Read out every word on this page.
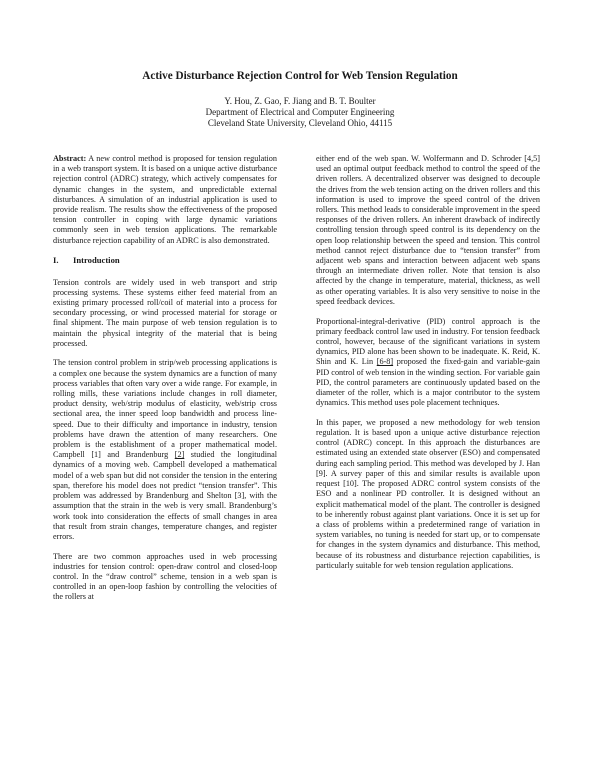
Active Disturbance Rejection Control for Web Tension Regulation
Y. Hou, Z. Gao, F. Jiang and B. T. Boulter
Department of Electrical and Computer Engineering
Cleveland State University, Cleveland Ohio, 44115

Abstract: A new control method is proposed for tension regulation in a web transport system. It is based on a unique active disturbance rejection control (ADRC) strategy, which actively compensates for dynamic changes in the system, and unpredictable external disturbances. A simulation of an industrial application is used to provide realism. The results show the effectiveness of the proposed tension controller in coping with large dynamic variations commonly seen in web tension applications. The remarkable disturbance rejection capability of an ADRC is also demonstrated.

I. Introduction

Tension controls are widely used in web transport and strip processing systems. These systems either feed material from an existing primary processed roll/coil of material into a process for secondary processing, or wind processed material for storage or final shipment. The main purpose of web tension regulation is to maintain the physical integrity of the material that is being processed.

The tension control problem in strip/web processing applications is a complex one because the system dynamics are a function of many process variables that often vary over a wide range. For example, in rolling mills, these variations include changes in roll diameter, product density, web/strip modulus of elasticity, web/strip cross sectional area, the inner speed loop bandwidth and process line-speed. Due to their difficulty and importance in industry, tension problems have drawn the attention of many researchers. One problem is the establishment of a proper mathematical model. Campbell [1] and Brandenburg [2] studied the longitudinal dynamics of a moving web. Campbell developed a mathematical model of a web span but did not consider the tension in the entering span, therefore his model does not predict “tension transfer”. This problem was addressed by Brandenburg and Shelton [3], with the assumption that the strain in the web is very small. Brandenburg’s work took into consideration the effects of small changes in area that result from strain changes, temperature changes, and register errors.

There are two common approaches used in web processing industries for tension control: open-draw control and closed-loop control. In the “draw control” scheme, tension in a web span is controlled in an open-loop fashion by controlling the velocities of the rollers at

either end of the web span. W. Wolfermann and D. Schroder [4,5] used an optimal output feedback method to control the speed of the driven rollers. A decentralized observer was designed to decouple the drives from the web tension acting on the driven rollers and this information is used to improve the speed control of the driven rollers. This method leads to considerable improvement in the speed responses of the driven rollers. An inherent drawback of indirectly controlling tension through speed control is its dependency on the open loop relationship between the speed and tension. This control method cannot reject disturbance due to “tension transfer” from adjacent web spans and interaction between adjacent web spans through an intermediate driven roller. Note that tension is also affected by the change in temperature, material, thickness, as well as other operating variables. It is also very sensitive to noise in the speed feedback devices.

Proportional-integral-derivative (PID) control approach is the primary feedback control law used in industry. For tension feedback control, however, because of the significant variations in system dynamics, PID alone has been shown to be inadequate. K. Reid, K. Shin and K. Lin [6-8] proposed the fixed-gain and variable-gain PID control of web tension in the winding section. For variable gain PID, the control parameters are continuously updated based on the diameter of the roller, which is a major contributor to the system dynamics. This method uses pole placement techniques.

In this paper, we proposed a new methodology for web tension regulation. It is based upon a unique active disturbance rejection control (ADRC) concept. In this approach the disturbances are estimated using an extended state observer (ESO) and compensated during each sampling period. This method was developed by J. Han [9]. A survey paper of this and similar results is available upon request [10]. The proposed ADRC control system consists of the ESO and a nonlinear PD controller. It is designed without an explicit mathematical model of the plant. The controller is designed to be inherently robust against plant variations. Once it is set up for a class of problems within a predetermined range of variation in system variables, no tuning is needed for start up, or to compensate for changes in the system dynamics and disturbance. This method, because of its robustness and disturbance rejection capabilities, is particularly suitable for web tension regulation applications.
